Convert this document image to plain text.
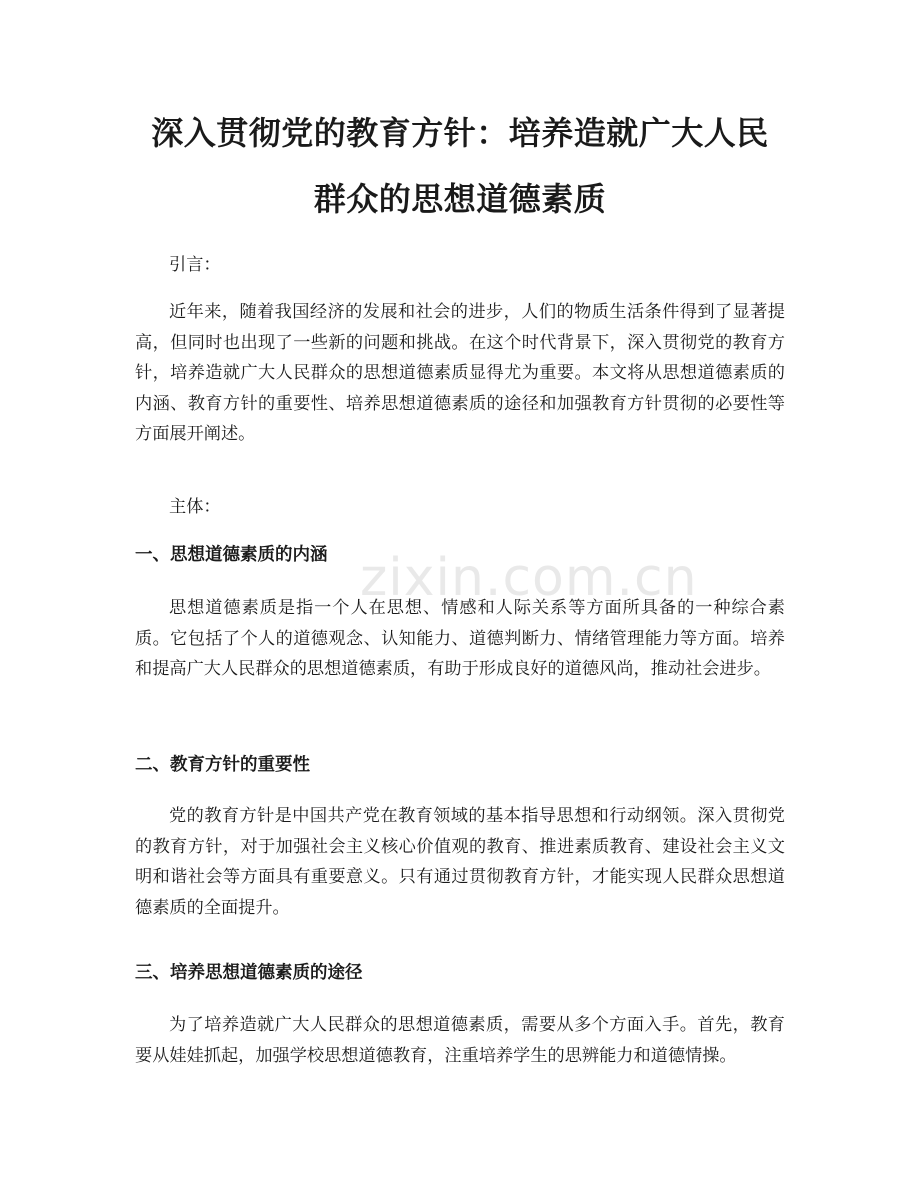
zixin.com.cn
深入贯彻党的教育方针：培养造就广大人民
群众的思想道德素质

引言：

近年来，随着我国经济的发展和社会的进步，人们的物质生活条件得到了显著提高，但同时也出现了一些新的问题和挑战。在这个时代背景下，深入贯彻党的教育方针，培养造就广大人民群众的思想道德素质显得尤为重要。本文将从思想道德素质的内涵、教育方针的重要性、培养思想道德素质的途径和加强教育方针贯彻的必要性等方面展开阐述。

主体：

一、思想道德素质的内涵

思想道德素质是指一个人在思想、情感和人际关系等方面所具备的一种综合素质。它包括了个人的道德观念、认知能力、道德判断力、情绪管理能力等方面。培养和提高广大人民群众的思想道德素质，有助于形成良好的道德风尚，推动社会进步。

二、教育方针的重要性

党的教育方针是中国共产党在教育领域的基本指导思想和行动纲领。深入贯彻党的教育方针，对于加强社会主义核心价值观的教育、推进素质教育、建设社会主义文明和谐社会等方面具有重要意义。只有通过贯彻教育方针，才能实现人民群众思想道德素质的全面提升。

三、培养思想道德素质的途径

为了培养造就广大人民群众的思想道德素质，需要从多个方面入手。首先，教育要从娃娃抓起，加强学校思想道德教育，注重培养学生的思辨能力和道德情操。
